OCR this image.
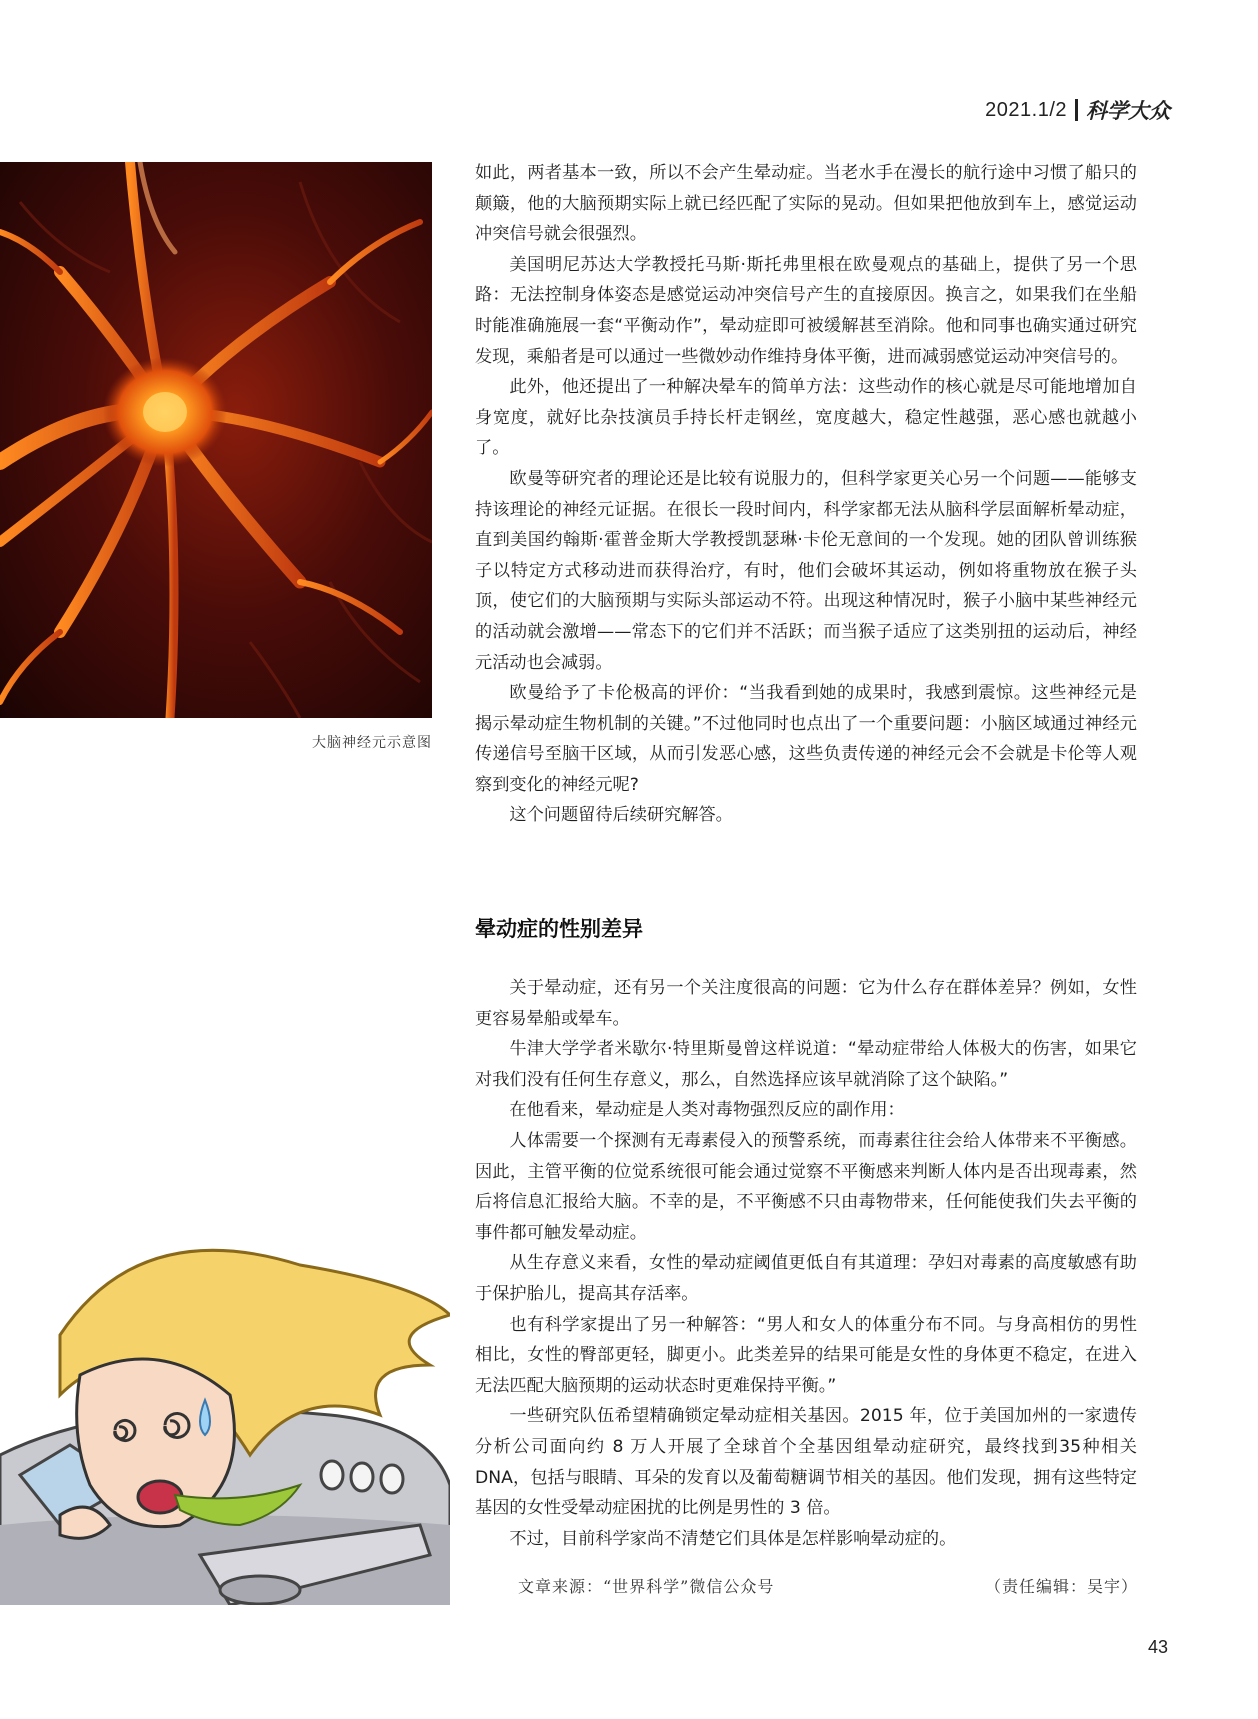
2021.1/2 科学大众
大脑神经元示意图

如此，两者基本一致，所以不会产生晕动症。当老水手在漫长的航行途中习惯了船只的颠簸，他的大脑预期实际上就已经匹配了实际的晃动。但如果把他放到车上，感觉运动冲突信号就会很强烈。

美国明尼苏达大学教授托马斯·斯托弗里根在欧曼观点的基础上，提供了另一个思路：无法控制身体姿态是感觉运动冲突信号产生的直接原因。换言之，如果我们在坐船时能准确施展一套“平衡动作”，晕动症即可被缓解甚至消除。他和同事也确实通过研究发现，乘船者是可以通过一些微妙动作维持身体平衡，进而减弱感觉运动冲突信号的。

此外，他还提出了一种解决晕车的简单方法：这些动作的核心就是尽可能地增加自身宽度，就好比杂技演员手持长杆走钢丝，宽度越大，稳定性越强，恶心感也就越小了。

欧曼等研究者的理论还是比较有说服力的，但科学家更关心另一个问题——能够支持该理论的神经元证据。在很长一段时间内，科学家都无法从脑科学层面解析晕动症，直到美国约翰斯·霍普金斯大学教授凯瑟琳·卡伦无意间的一个发现。她的团队曾训练猴子以特定方式移动进而获得治疗，有时，他们会破坏其运动，例如将重物放在猴子头顶，使它们的大脑预期与实际头部运动不符。出现这种情况时，猴子小脑中某些神经元的活动就会激增——常态下的它们并不活跃；而当猴子适应了这类别扭的运动后，神经元活动也会减弱。

欧曼给予了卡伦极高的评价：“当我看到她的成果时，我感到震惊。这些神经元是揭示晕动症生物机制的关键。”不过他同时也点出了一个重要问题：小脑区域通过神经元传递信号至脑干区域，从而引发恶心感，这些负责传递的神经元会不会就是卡伦等人观察到变化的神经元呢?

这个问题留待后续研究解答。

晕动症的性别差异

关于晕动症，还有另一个关注度很高的问题：它为什么存在群体差异？例如，女性更容易晕船或晕车。

牛津大学学者米歇尔·特里斯曼曾这样说道：“晕动症带给人体极大的伤害，如果它对我们没有任何生存意义，那么，自然选择应该早就消除了这个缺陷。”

在他看来，晕动症是人类对毒物强烈反应的副作用：

人体需要一个探测有无毒素侵入的预警系统，而毒素往往会给人体带来不平衡感。因此，主管平衡的位觉系统很可能会通过觉察不平衡感来判断人体内是否出现毒素，然后将信息汇报给大脑。不幸的是，不平衡感不只由毒物带来，任何能使我们失去平衡的事件都可触发晕动症。

从生存意义来看，女性的晕动症阈值更低自有其道理：孕妇对毒素的高度敏感有助于保护胎儿，提高其存活率。

也有科学家提出了另一种解答：“男人和女人的体重分布不同。与身高相仿的男性相比，女性的臀部更轻，脚更小。此类差异的结果可能是女性的身体更不稳定，在进入无法匹配大脑预期的运动状态时更难保持平衡。”

一些研究队伍希望精确锁定晕动症相关基因。2015 年，位于美国加州的一家遗传分析公司面向约 8 万人开展了全球首个全基因组晕动症研究，最终找到35种相关DNA，包括与眼睛、耳朵的发育以及葡萄糖调节相关的基因。他们发现，拥有这些特定基因的女性受晕动症困扰的比例是男性的 3 倍。

不过，目前科学家尚不清楚它们具体是怎样影响晕动症的。

文章来源：“世界科学”微信公众号	（责任编辑：吴宇）
43
